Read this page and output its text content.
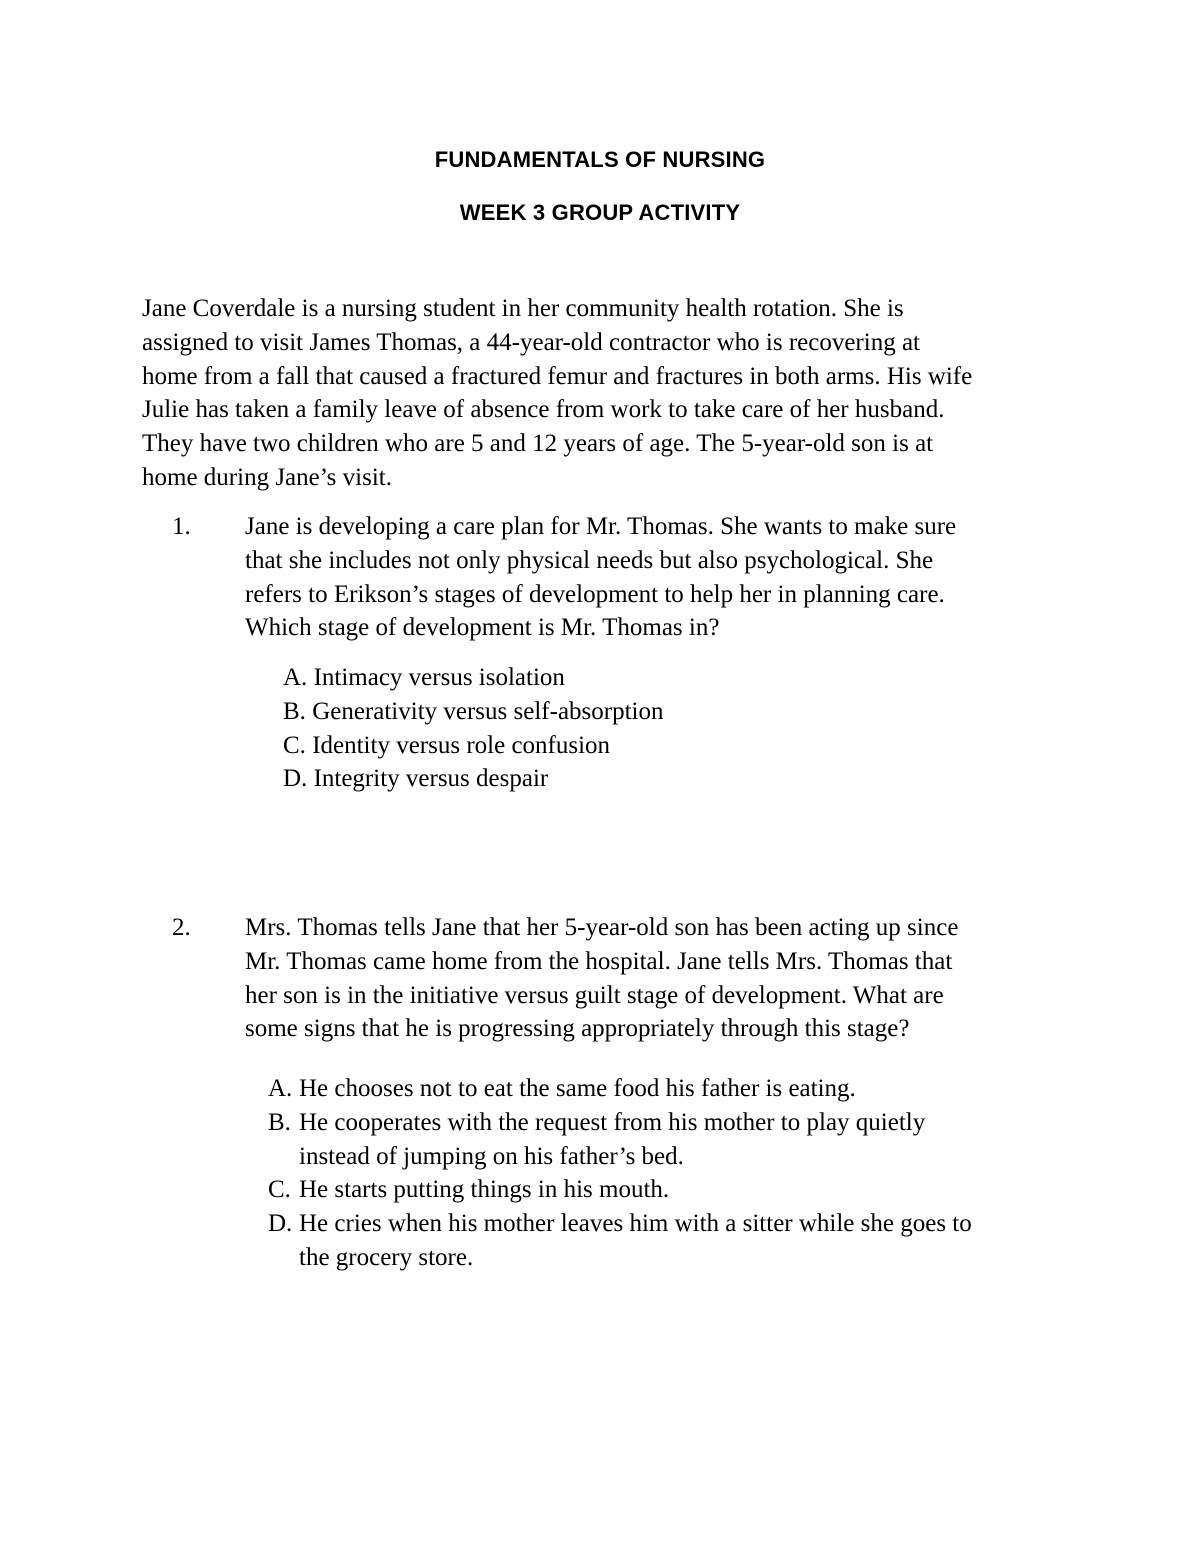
FUNDAMENTALS OF NURSING
WEEK 3 GROUP ACTIVITY
Jane Coverdale is a nursing student in her community health rotation. She is
assigned to visit James Thomas, a 44-year-old contractor who is recovering at
home from a fall that caused a fractured femur and fractures in both arms. His wife
Julie has taken a family leave of absence from work to take care of her husband.
They have two children who are 5 and 12 years of age. The 5-year-old son is at
home during Jane’s visit.
1.	Jane is developing a care plan for Mr. Thomas. She wants to make sure
that she includes not only physical needs but also psychological. She
refers to Erikson’s stages of development to help her in planning care.
Which stage of development is Mr. Thomas in?
A. Intimacy versus isolation
B. Generativity versus self-absorption
C. Identity versus role confusion
D. Integrity versus despair
2.	Mrs. Thomas tells Jane that her 5-year-old son has been acting up since
Mr. Thomas came home from the hospital. Jane tells Mrs. Thomas that
her son is in the initiative versus guilt stage of development. What are
some signs that he is progressing appropriately through this stage?
A. He chooses not to eat the same food his father is eating.
B. He cooperates with the request from his mother to play quietly
instead of jumping on his father’s bed.
C. He starts putting things in his mouth.
D. He cries when his mother leaves him with a sitter while she goes to
the grocery store.
